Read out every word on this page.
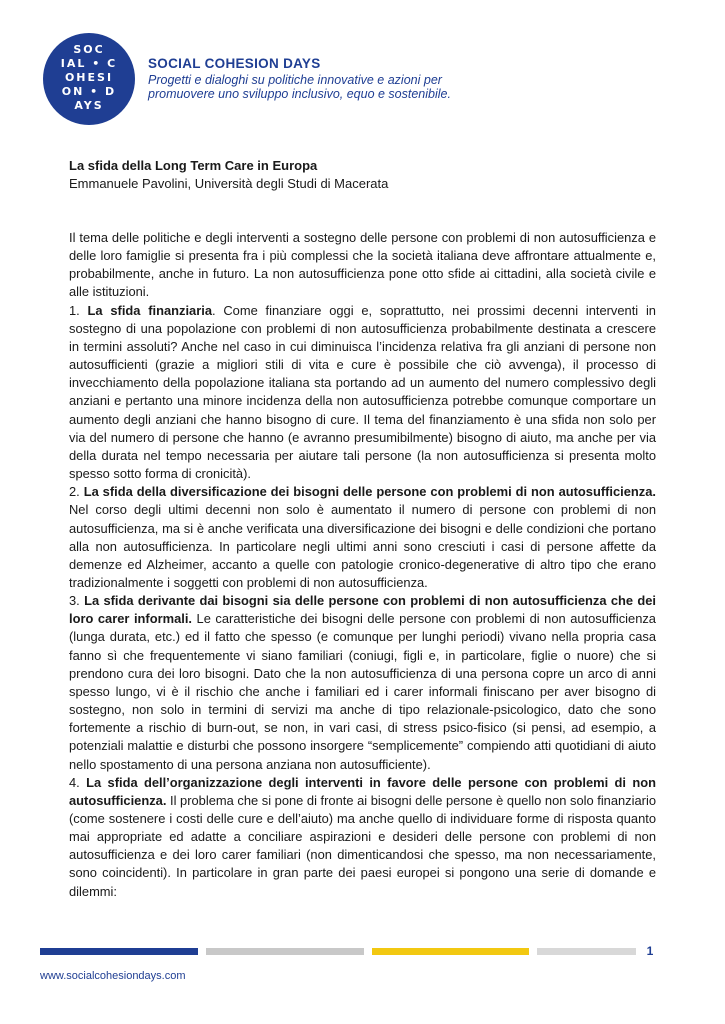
SOC
IAL • C
OHESI
ON • D
AYS
SOCIAL COHESION DAYS
Progetti e dialoghi su politiche innovative e azioni per
promuovere uno sviluppo inclusivo, equo e sostenibile.

La sfida della Long Term Care in Europa

Emmanuele Pavolini, Università degli Studi di Macerata

Il tema delle politiche e degli interventi a sostegno delle persone con problemi di non autosufficienza e delle loro famiglie si presenta fra i più complessi che la società italiana deve affrontare attualmente e, probabilmente, anche in futuro. La non autosufficienza pone otto sfide ai cittadini, alla società civile e alle istituzioni.

1. La sfida finanziaria. Come finanziare oggi e, soprattutto, nei prossimi decenni interventi in sostegno di una popolazione con problemi di non autosufficienza probabilmente destinata a crescere in termini assoluti? Anche nel caso in cui diminuisca l’incidenza relativa fra gli anziani di persone non autosufficienti (grazie a migliori stili di vita e cure è possibile che ciò avvenga), il processo di invecchiamento della popolazione italiana sta portando ad un aumento del numero complessivo degli anziani e pertanto una minore incidenza della non autosufficienza potrebbe comunque comportare un aumento degli anziani che hanno bisogno di cure. Il tema del finanziamento è una sfida non solo per via del numero di persone che hanno (e avranno presumibilmente) bisogno di aiuto, ma anche per via della durata nel tempo necessaria per aiutare tali persone (la non autosufficienza si presenta molto spesso sotto forma di cronicità).

2. La sfida della diversificazione dei bisogni delle persone con problemi di non autosufficienza. Nel corso degli ultimi decenni non solo è aumentato il numero di persone con problemi di non autosufficienza, ma si è anche verificata una diversificazione dei bisogni e delle condizioni che portano alla non autosufficienza. In particolare negli ultimi anni sono cresciuti i casi di persone affette da demenze ed Alzheimer, accanto a quelle con patologie cronico-degenerative di altro tipo che erano tradizionalmente i soggetti con problemi di non autosufficienza.

3. La sfida derivante dai bisogni sia delle persone con problemi di non autosufficienza che dei loro carer informali. Le caratteristiche dei bisogni delle persone con problemi di non autosufficienza (lunga durata, etc.) ed il fatto che spesso (e comunque per lunghi periodi) vivano nella propria casa fanno sì che frequentemente vi siano familiari (coniugi, figli e, in particolare, figlie o nuore) che si prendono cura dei loro bisogni. Dato che la non autosufficienza di una persona copre un arco di anni spesso lungo, vi è il rischio che anche i familiari ed i carer informali finiscano per aver bisogno di sostegno, non solo in termini di servizi ma anche di tipo relazionale-psicologico, dato che sono fortemente a rischio di burn-out, se non, in vari casi, di stress psico-fisico (si pensi, ad esempio, a potenziali malattie e disturbi che possono insorgere “semplicemente” compiendo atti quotidiani di aiuto nello spostamento di una persona anziana non autosufficiente).

4. La sfida dell’organizzazione degli interventi in favore delle persone con problemi di non autosufficienza. Il problema che si pone di fronte ai bisogni delle persone è quello non solo finanziario (come sostenere i costi delle cure e dell’aiuto) ma anche quello di individuare forme di risposta quanto mai appropriate ed adatte a conciliare aspirazioni e desideri delle persone con problemi di non autosufficienza e dei loro carer familiari (non dimenticandosi che spesso, ma non necessariamente, sono coincidenti). In particolare in gran parte dei paesi europei si pongono una serie di domande e dilemmi:

1
www.socialcohesiondays.com
